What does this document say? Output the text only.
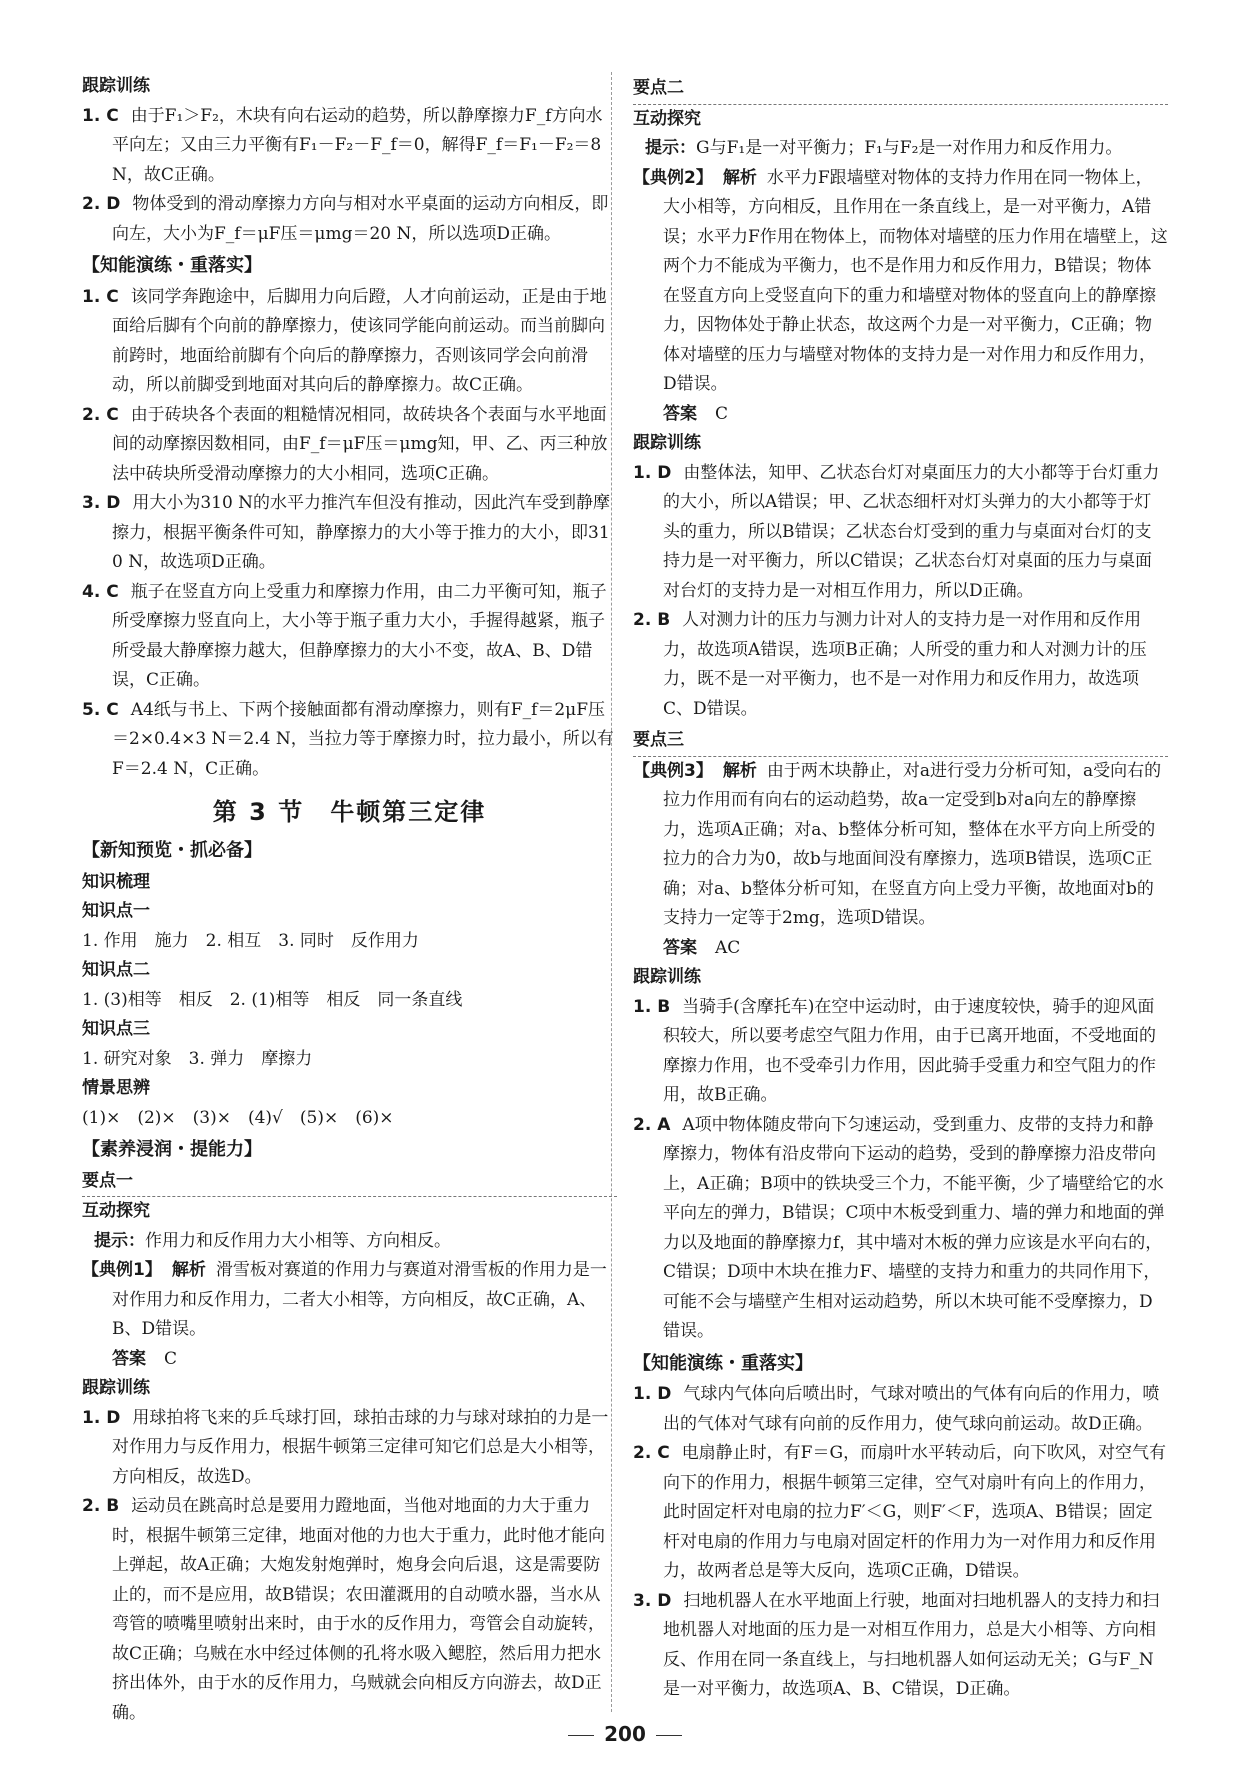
跟踪训练
1. C 由于F₁＞F₂，木块有向右运动的趋势，所以静摩擦力F_f方向水平向左；又由三力平衡有F₁－F₂－F_f＝0，解得F_f＝F₁－F₂＝8 N，故C正确。
2. D 物体受到的滑动摩擦力方向与相对水平桌面的运动方向相反，即向左，大小为F_f＝μF压＝μmg＝20 N，所以选项D正确。
【知能演练・重落实】
1. C 该同学奔跑途中，后脚用力向后蹬，人才向前运动，正是由于地面给后脚有个向前的静摩擦力，使该同学能向前运动。而当前脚向前跨时，地面给前脚有个向后的静摩擦力，否则该同学会向前滑动，所以前脚受到地面对其向后的静摩擦力。故C正确。
2. C 由于砖块各个表面的粗糙情况相同，故砖块各个表面与水平地面间的动摩擦因数相同，由F_f＝μF压＝μmg知，甲、乙、丙三种放法中砖块所受滑动摩擦力的大小相同，选项C正确。
3. D 用大小为310 N的水平力推汽车但没有推动，因此汽车受到静摩擦力，根据平衡条件可知，静摩擦力的大小等于推力的大小，即310 N，故选项D正确。
4. C 瓶子在竖直方向上受重力和摩擦力作用，由二力平衡可知，瓶子所受摩擦力竖直向上，大小等于瓶子重力大小，手握得越紧，瓶子所受最大静摩擦力越大，但静摩擦力的大小不变，故A、B、D错误，C正确。
5. C A4纸与书上、下两个接触面都有滑动摩擦力，则有F_f＝2μF压＝2×0.4×3 N＝2.4 N，当拉力等于摩擦力时，拉力最小，所以有F＝2.4 N，C正确。
第 3 节　牛顿第三定律
【新知预览・抓必备】
知识梳理
知识点一
1. 作用　施力　2. 相互　3. 同时　反作用力
知识点二
1. (3)相等　相反　2. (1)相等　相反　同一条直线
知识点三
1. 研究对象　3. 弹力　摩擦力
情景思辨
(1)×　(2)×　(3)×　(4)√　(5)×　(6)×
【素养浸润・提能力】
要点一
互动探究
提示：作用力和反作用力大小相等、方向相反。
【典例1】 解析 滑雪板对赛道的作用力与赛道对滑雪板的作用力是一对作用力和反作用力，二者大小相等，方向相反，故C正确，A、B、D错误。
答案 C
跟踪训练
1. D 用球拍将飞来的乒乓球打回，球拍击球的力与球对球拍的力是一对作用力与反作用力，根据牛顿第三定律可知它们总是大小相等，方向相反，故选D。
2. B 运动员在跳高时总是要用力蹬地面，当他对地面的力大于重力时，根据牛顿第三定律，地面对他的力也大于重力，此时他才能向上弹起，故A正确；大炮发射炮弹时，炮身会向后退，这是需要防止的，而不是应用，故B错误；农田灌溉用的自动喷水器，当水从弯管的喷嘴里喷射出来时，由于水的反作用力，弯管会自动旋转，故C正确；乌贼在水中经过体侧的孔将水吸入鳃腔，然后用力把水挤出体外，由于水的反作用力，乌贼就会向相反方向游去，故D正确。
要点二
互动探究
提示：G与F₁是一对平衡力；F₁与F₂是一对作用力和反作用力。
【典例2】 解析 水平力F跟墙壁对物体的支持力作用在同一物体上，大小相等，方向相反，且作用在一条直线上，是一对平衡力，A错误；水平力F作用在物体上，而物体对墙壁的压力作用在墙壁上，这两个力不能成为平衡力，也不是作用力和反作用力，B错误；物体在竖直方向上受竖直向下的重力和墙壁对物体的竖直向上的静摩擦力，因物体处于静止状态，故这两个力是一对平衡力，C正确；物体对墙壁的压力与墙壁对物体的支持力是一对作用力和反作用力，D错误。
答案 C
跟踪训练
1. D 由整体法，知甲、乙状态台灯对桌面压力的大小都等于台灯重力的大小，所以A错误；甲、乙状态细杆对灯头弹力的大小都等于灯头的重力，所以B错误；乙状态台灯受到的重力与桌面对台灯的支持力是一对平衡力，所以C错误；乙状态台灯对桌面的压力与桌面对台灯的支持力是一对相互作用力，所以D正确。
2. B 人对测力计的压力与测力计对人的支持力是一对作用和反作用力，故选项A错误，选项B正确；人所受的重力和人对测力计的压力，既不是一对平衡力，也不是一对作用力和反作用力，故选项C、D错误。
要点三
【典例3】 解析 由于两木块静止，对a进行受力分析可知，a受向右的拉力作用而有向右的运动趋势，故a一定受到b对a向左的静摩擦力，选项A正确；对a、b整体分析可知，整体在水平方向上所受的拉力的合力为0，故b与地面间没有摩擦力，选项B错误，选项C正确；对a、b整体分析可知，在竖直方向上受力平衡，故地面对b的支持力一定等于2mg，选项D错误。
答案 AC
跟踪训练
1. B 当骑手(含摩托车)在空中运动时，由于速度较快，骑手的迎风面积较大，所以要考虑空气阻力作用，由于已离开地面，不受地面的摩擦力作用，也不受牵引力作用，因此骑手受重力和空气阻力的作用，故B正确。
2. A A项中物体随皮带向下匀速运动，受到重力、皮带的支持力和静摩擦力，物体有沿皮带向下运动的趋势，受到的静摩擦力沿皮带向上，A正确；B项中的铁块受三个力，不能平衡，少了墙壁给它的水平向左的弹力，B错误；C项中木板受到重力、墙的弹力和地面的弹力以及地面的静摩擦力f，其中墙对木板的弹力应该是水平向右的，C错误；D项中木块在推力F、墙壁的支持力和重力的共同作用下，可能不会与墙壁产生相对运动趋势，所以木块可能不受摩擦力，D错误。
【知能演练・重落实】
1. D 气球内气体向后喷出时，气球对喷出的气体有向后的作用力，喷出的气体对气球有向前的反作用力，使气球向前运动。故D正确。
2. C 电扇静止时，有F＝G，而扇叶水平转动后，向下吹风，对空气有向下的作用力，根据牛顿第三定律，空气对扇叶有向上的作用力，此时固定杆对电扇的拉力F′＜G，则F′＜F，选项A、B错误；固定杆对电扇的作用力与电扇对固定杆的作用力为一对作用力和反作用力，故两者总是等大反向，选项C正确，D错误。
3. D 扫地机器人在水平地面上行驶，地面对扫地机器人的支持力和扫地机器人对地面的压力是一对相互作用力，总是大小相等、方向相反、作用在同一条直线上，与扫地机器人如何运动无关；G与F_N是一对平衡力，故选项A、B、C错误，D正确。
200
